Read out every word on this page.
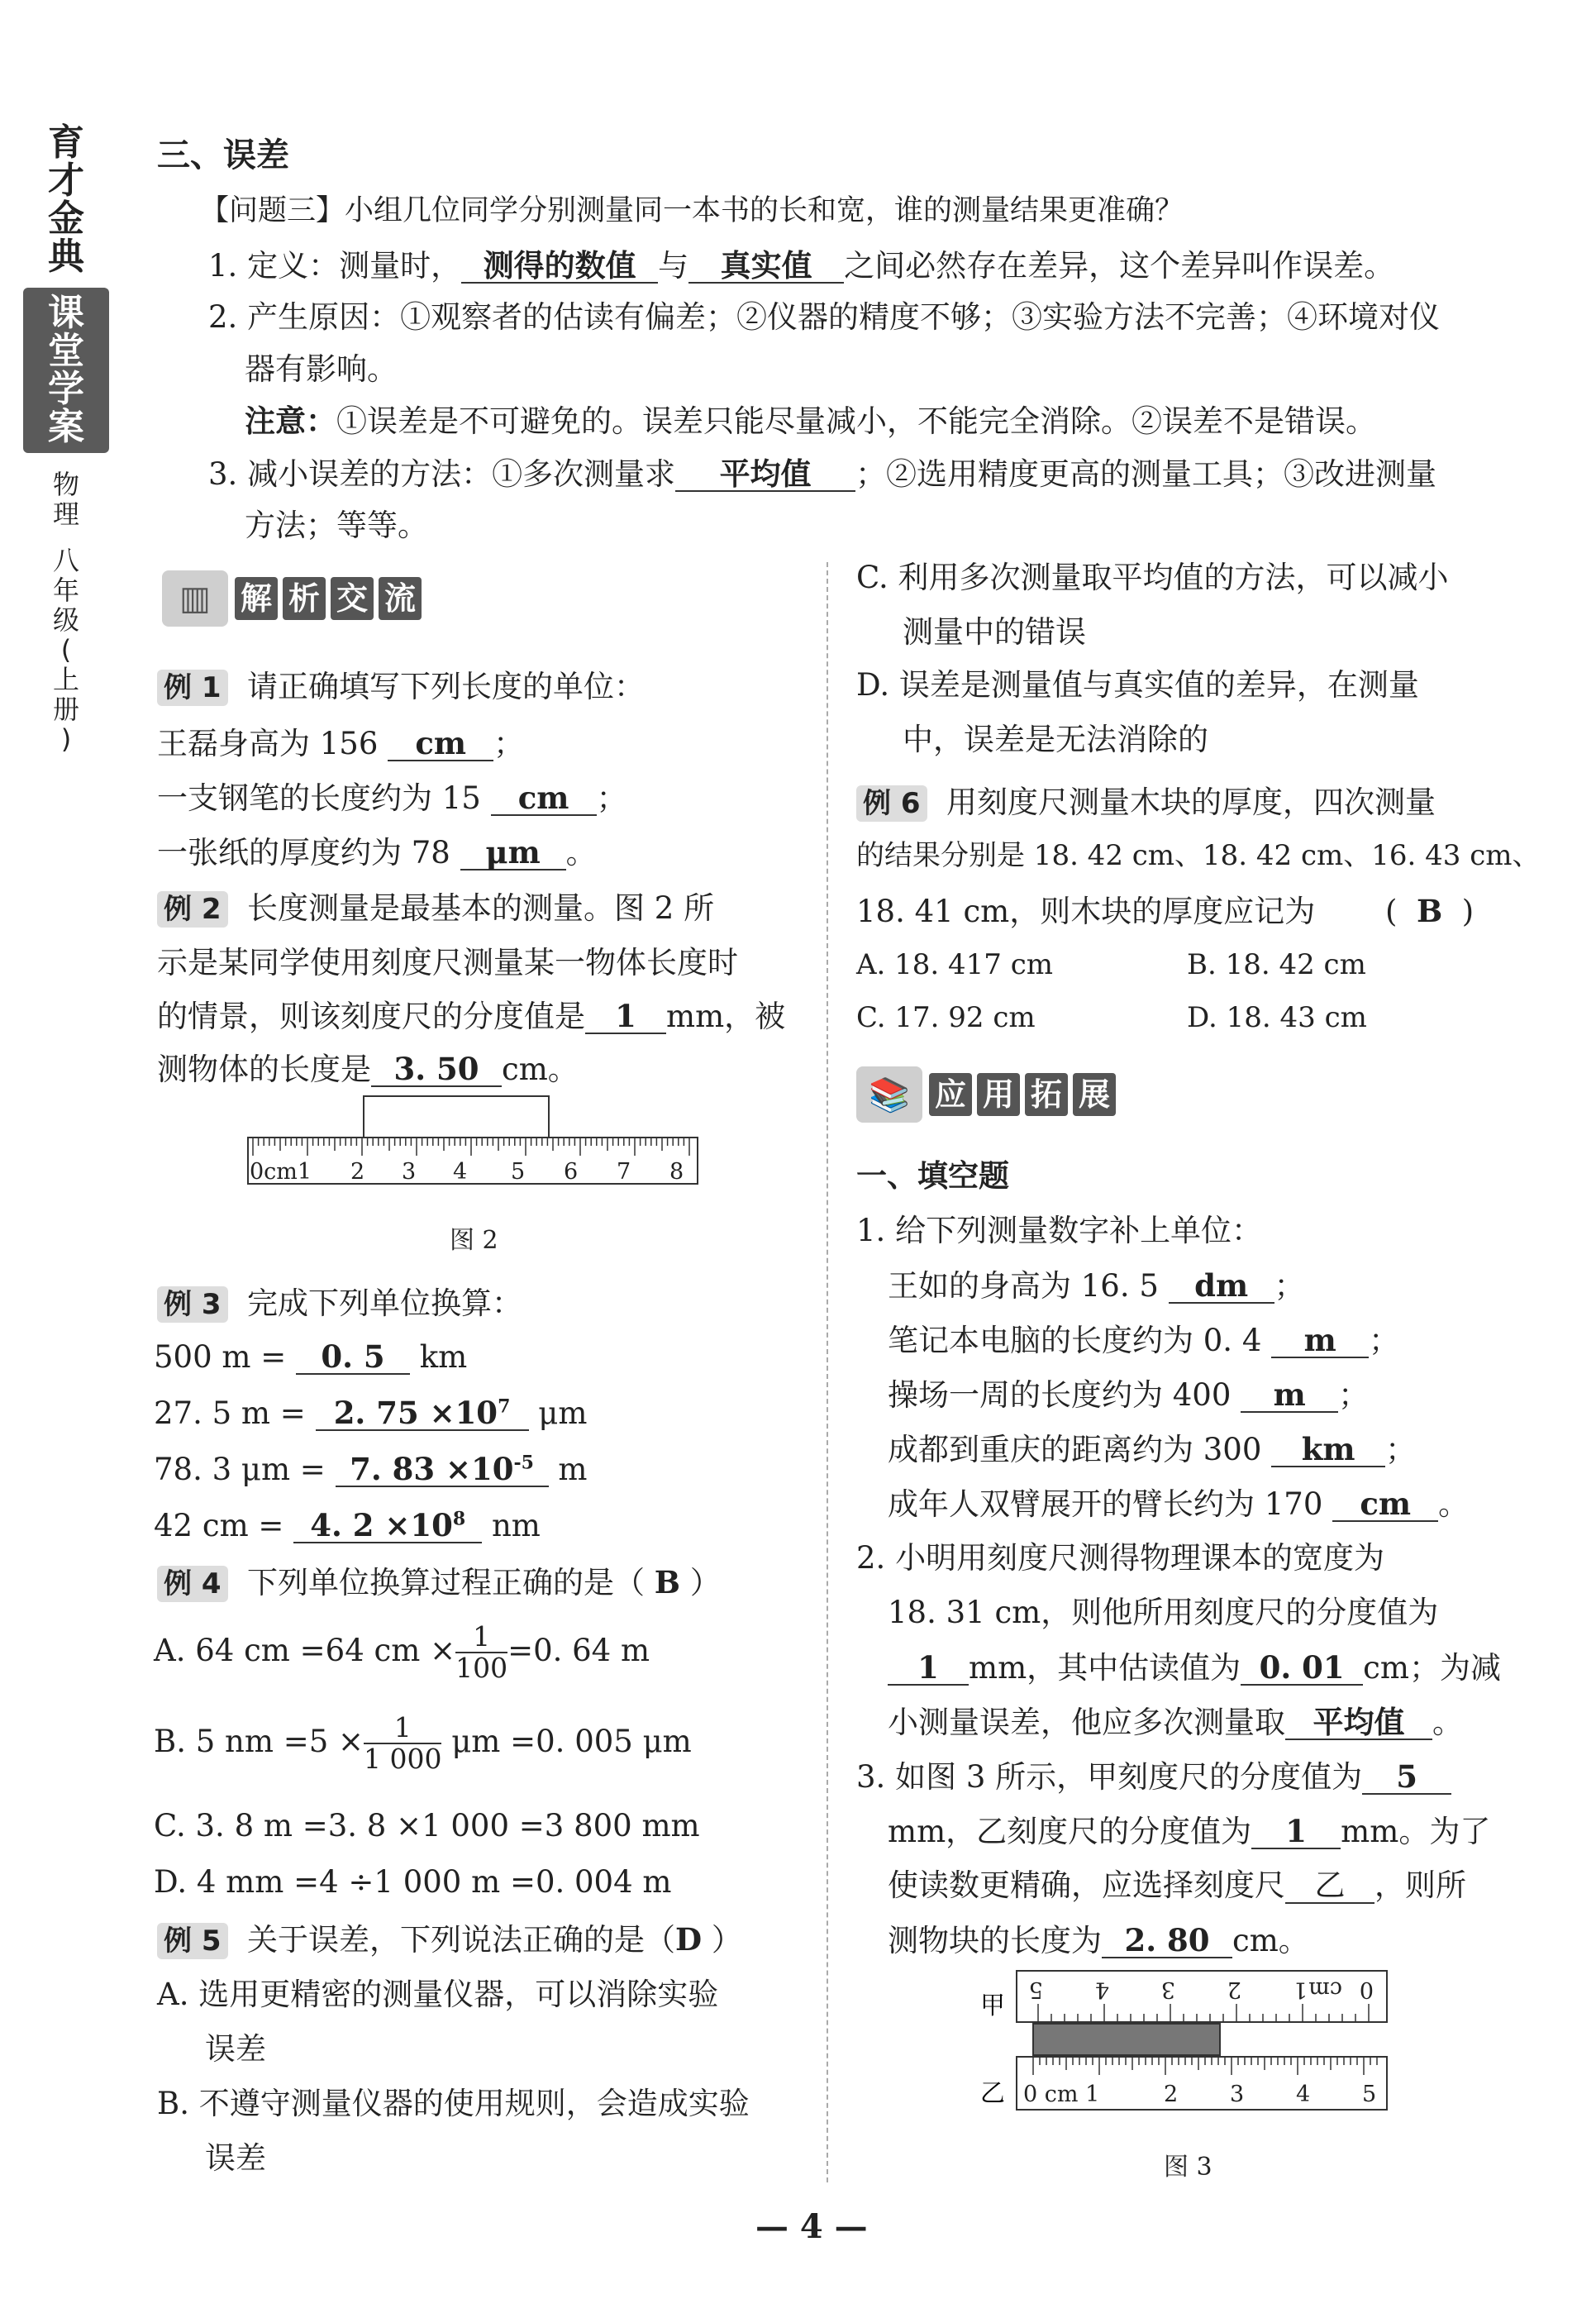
育
才
金
典
课
堂
学
案
物
理
八
年
级
(
上
册
)
三、误差
【问题三】小组几位同学分别测量同一本书的长和宽，谁的测量结果更准确？
1. 定义：测量时， 测得的数值 与 真实值 之间必然存在差异，这个差异叫作误差。
2. 产生原因：①观察者的估读有偏差；②仪器的精度不够；③实验方法不完善；④环境对仪
器有影响。
注意：①误差是不可避免的。误差只能尽量减小，不能完全消除。②误差不是错误。
3. 减小误差的方法：①多次测量求 平均值 ；②选用精度更高的测量工具；③改进测量
方法；等等。
▥ 解 析 交 流
例 1 请正确填写下列长度的单位：
王磊身高为 156 cm ；
一支钢笔的长度约为 15 cm ；
一张纸的厚度约为 78 μm 。
例 2 长度测量是最基本的测量。图 2 所
示是某同学使用刻度尺测量某一物体长度时
的情景，则该刻度尺的分度值是 1 mm，被
测物体的长度是 3. 50 cm。
0cm1 2 3 4 5 6 7 8
图 2
例 3 完成下列单位换算：
500 m = 0. 5 km
27. 5 m = 2. $75 \times 10^7$ μm
78. 3 μm = 7. $83 \times 10^{-5}$ m
42 cm = 4. $2 \times 10^8$ nm
例 4 下列单位换算过程正确的是（ B ）
A. 64 cm =64 cm × $\frac{1}{100} =0$. 64 m
B. 5 nm $=5 \times \frac{1}{1 000}$ μm =0. 005 μm
C. 3. 8 m =3. 8 ×1 000 =3 800 mm
D. 4 mm =4 ÷1 000 m =0. 004 m
例 5 关于误差，下列说法正确的是（D ）
A. 选用更精密的测量仪器，可以消除实验
误差
B. 不遵守测量仪器的使用规则，会造成实验
误差
C. 利用多次测量取平均值的方法，可以减小
测量中的错误
D. 误差是测量值与真实值的差异，在测量
中，误差是无法消除的
例 6 用刻度尺测量木块的厚度，四次测量
的结果分别是 18. 42 cm、18. 42 cm、16. 43 cm、
18. 41 cm，则木块的厚度应记为 (  B  )
A. 18. 417 cm	B. 18. 42 cm
C. 17. 92 cm	D. 18. 43 cm
📚 应 用 拓 展
一、填空题
1. 给下列测量数字补上单位：
王如的身高为 16. 5 dm ；
笔记本电脑的长度约为 0. 4 m ；
操场一周的长度约为 400 m ；
成都到重庆的距离约为 300 km ；
成年人双臂展开的臂长约为 170 cm 。
2. 小明用刻度尺测得物理课本的宽度为
18. 31 cm，则他所用刻度尺的分度值为
1 mm，其中估读值为 0. 01 cm；为减
小测量误差，他应多次测量取 平均值 。
3. 如图 3 所示，甲刻度尺的分度值为 5
mm，乙刻度尺的分度值为 1 mm。为了
使读数更精确，应选择刻度尺 乙 ，则所
测物块的长度为 2. 80 cm。
甲
5 4 3 2 1 cm 0
乙 0 cm 1	2 3 4 5
图 3
— 4 —
